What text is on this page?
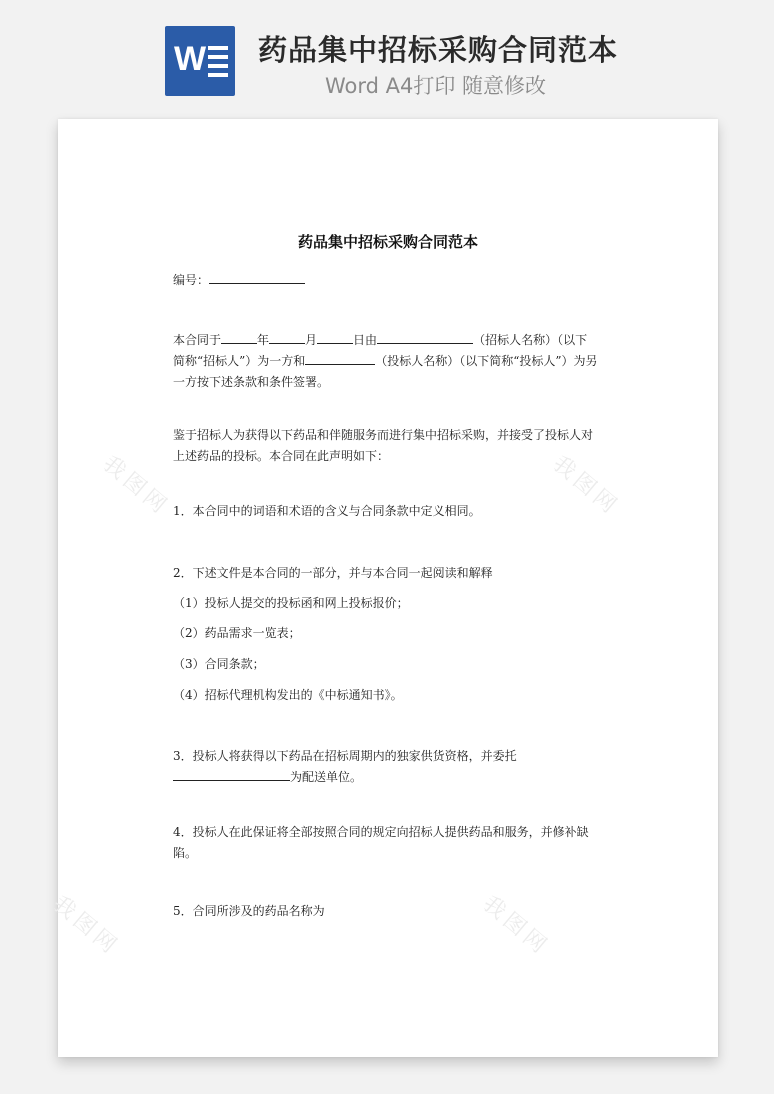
W 药品集中招标采购合同范本
Word A4打印 随意修改
我图网	我图网
我图网	我图网
药品集中招标采购合同范本
编号：
本合同于	年	月	日由	（招标人名称）（以下简称“招标人”）为一方和	（投标人名称）（以下简称“投标人”）为另一方按下述条款和条件签署。
鉴于招标人为获得以下药品和伴随服务而进行集中招标采购，并接受了投标人对上述药品的投标。本合同在此声明如下：
1．本合同中的词语和术语的含义与合同条款中定义相同。
2．下述文件是本合同的一部分，并与本合同一起阅读和解释
（1）投标人提交的投标函和网上投标报价；
（2）药品需求一览表；
（3）合同条款；
（4）招标代理机构发出的《中标通知书》。
3．投标人将获得以下药品在招标周期内的独家供货资格，并委托
为配送单位。
4．投标人在此保证将全部按照合同的规定向招标人提供药品和服务，并修补缺陷。
5．合同所涉及的药品名称为
